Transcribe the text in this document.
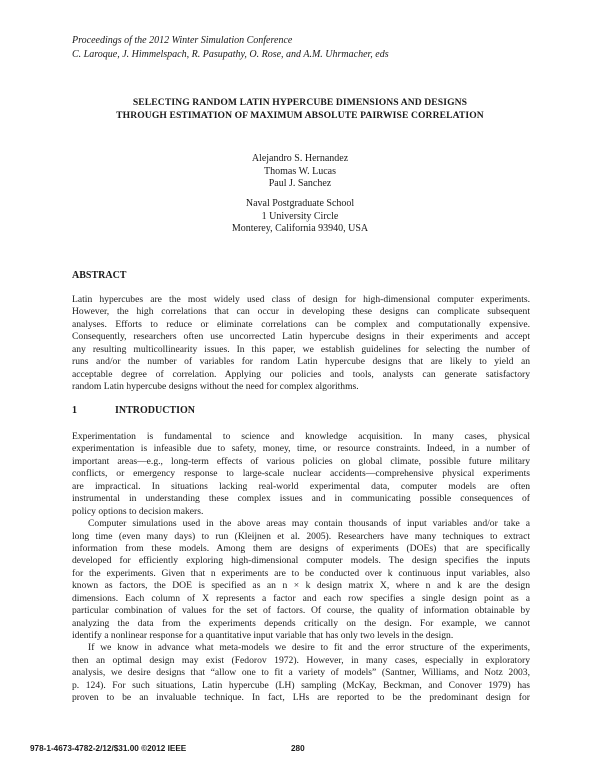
Proceedings of the 2012 Winter Simulation Conference
C. Laroque, J. Himmelspach, R. Pasupathy, O. Rose, and A.M. Uhrmacher, eds
SELECTING RANDOM LATIN HYPERCUBE DIMENSIONS AND DESIGNS
THROUGH ESTIMATION OF MAXIMUM ABSOLUTE PAIRWISE CORRELATION
Alejandro S. Hernandez
Thomas W. Lucas
Paul J. Sanchez
Naval Postgraduate School
1 University Circle
Monterey, California 93940, USA
ABSTRACT
Latin hypercubes are the most widely used class of design for high-dimensional computer experiments.
However, the high correlations that can occur in developing these designs can complicate subsequent
analyses. Efforts to reduce or eliminate correlations can be complex and computationally expensive.
Consequently, researchers often use uncorrected Latin hypercube designs in their experiments and accept
any resulting multicollinearity issues. In this paper, we establish guidelines for selecting the number of
runs and/or the number of variables for random Latin hypercube designs that are likely to yield an
acceptable degree of correlation. Applying our policies and tools, analysts can generate satisfactory
random Latin hypercube designs without the need for complex algorithms.
1	INTRODUCTION
Experimentation is fundamental to science and knowledge acquisition. In many cases, physical
experimentation is infeasible due to safety, money, time, or resource constraints. Indeed, in a number of
important areas—e.g., long-term effects of various policies on global climate, possible future military
conflicts, or emergency response to large-scale nuclear accidents—comprehensive physical experiments
are impractical. In situations lacking real-world experimental data, computer models are often
instrumental in understanding these complex issues and in communicating possible consequences of
policy options to decision makers.
Computer simulations used in the above areas may contain thousands of input variables and/or take a
long time (even many days) to run (Kleijnen et al. 2005). Researchers have many techniques to extract
information from these models. Among them are designs of experiments (DOEs) that are specifically
developed for efficiently exploring high-dimensional computer models. The design specifies the inputs
for the experiments. Given that n experiments are to be conducted over k continuous input variables, also
known as factors, the DOE is specified as an n × k design matrix X, where n and k are the design
dimensions. Each column of X represents a factor and each row specifies a single design point as a
particular combination of values for the set of factors. Of course, the quality of information obtainable by
analyzing the data from the experiments depends critically on the design. For example, we cannot
identify a nonlinear response for a quantitative input variable that has only two levels in the design.
If we know in advance what meta-models we desire to fit and the error structure of the experiments,
then an optimal design may exist (Fedorov 1972). However, in many cases, especially in exploratory
analysis, we desire designs that “allow one to fit a variety of models” (Santner, Williams, and Notz 2003,
p. 124). For such situations, Latin hypercube (LH) sampling (McKay, Beckman, and Conover 1979) has
proven to be an invaluable technique. In fact, LHs are reported to be the predominant design for
978-1-4673-4782-2/12/$31.00 ©2012 IEEE	280
